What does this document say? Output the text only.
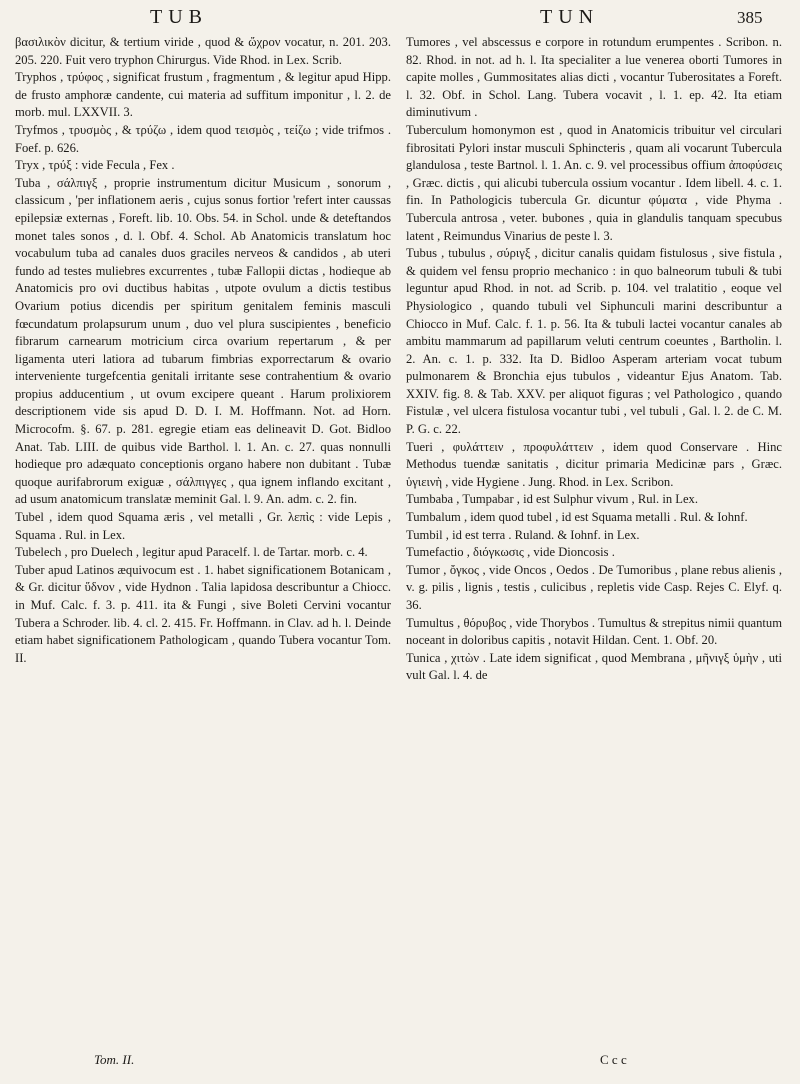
TUB	TUN	385

βασιλικὸν dicitur, & tertium viride , quod & ὤχρον vocatur, n. 201. 203. 205. 220. Fuit vero tryphon Chirurgus. Vide Rhod. in Lex. Scrib.

Tryphos , τρύφος , significat frustum , fragmentum , & legitur apud Hipp. de frusto amphoræ candente, cui materia ad suffitum imponitur , l. 2. de morb. mul. LXXVII. 3.

Tryfmos , τρυσμὸς , & τρύζω , idem quod τεισμὸς , τείζω ; vide trifmos . Foef. p. 626.

Tryx , τρύξ : vide Fecula , Fex .

Tuba , σάλπιγξ , proprie instrumentum dicitur Musicum , sonorum , classicum , 'per inflationem aeris , cujus sonus fortior 'refert inter caussas epilepsiæ externas , Foreft. lib. 10. Obs. 54. in Schol. unde & deteftandos monet tales sonos , d. l. Obf. 4. Schol. Ab Anatomicis translatum hoc vocabulum tuba ad canales duos graciles nerveos & candidos , ab uteri fundo ad testes muliebres excurrentes , tubæ Fallopii dictas , hodieque ab Anatomicis pro ovi ductibus habitas , utpote ovulum a dictis testibus Ovarium potius dicendis per spiritum genitalem feminis masculi fœcundatum prolapsurum unum , duo vel plura suscipientes , beneficio fibrarum carnearum motricium circa ovarium repertarum , & per ligamenta uteri latiora ad tubarum fimbrias exporrectarum & ovario interveniente turgefcentia genitali irritante sese contrahentium & ovario propius adducentium , ut ovum excipere queant . Harum prolixiorem descriptionem vide sis apud D. D. I. M. Hoffmann. Not. ad Horn. Microcofm. §. 67. p. 281. egregie etiam eas delineavit D. Got. Bidloo Anat. Tab. LIII. de quibus vide Barthol. l. 1. An. c. 27. quas nonnulli hodieque pro adæquato conceptionis organo habere non dubitant . Tubæ quoque aurifabrorum exiguæ , σάλπιγγες , qua ignem inflando excitant , ad usum anatomicum translatæ meminit Gal. l. 9. An. adm. c. 2. fin.

Tubel , idem quod Squama æris , vel metalli , Gr. λεπὶς : vide Lepis , Squama . Rul. in Lex.

Tubelech , pro Duelech , legitur apud Paracelf. l. de Tartar. morb. c. 4.

Tuber apud Latinos æquivocum est . 1. habet significationem Botanicam , & Gr. dicitur ὕδνον , vide Hydnon . Talia lapidosa describuntur a Chiocc. in Muf. Calc. f. 3. p. 411. ita & Fungi , sive Boleti Cervini vocantur Tubera a Schroder. lib. 4. cl. 2. 415. Fr. Hoffmann. in Clav. ad h. l. Deinde etiam habet significationem Pathologicam , quando Tubera vocantur Tom. II.

Tumores , vel abscessus e corpore in rotundum erumpentes . Scribon. n. 82. Rhod. in not. ad h. l. Ita specialiter a lue venerea oborti Tumores in capite molles , Gummositates alias dicti , vocantur Tuberositates a Foreft. l. 32. Obf. in Schol. Lang. Tubera vocavit , l. 1. ep. 42. Ita etiam diminutivum .

Tuberculum homonymon est , quod in Anatomicis tribuitur vel circulari fibrositati Pylori instar musculi Sphincteris , quam ali vocarunt Tubercula glandulosa , teste Bartnol. l. 1. An. c. 9. vel processibus offium ἀποφύσεις , Græc. dictis , qui alicubi tubercula ossium vocantur . Idem libell. 4. c. 1. fin. In Pathologicis tubercula Gr. dicuntur φύματα , vide Phyma . Tubercula antrosa , veter. bubones , quia in glandulis tanquam specubus latent , Reimundus Vinarius de peste l. 3.

Tubus , tubulus , σύριγξ , dicitur canalis quidam fistulosus , sive fistula , & quidem vel fensu proprio mechanico : in quo balneorum tubuli & tubi leguntur apud Rhod. in not. ad Scrib. p. 104. vel tralatitio , eoque vel Physiologico , quando tubuli vel Siphunculi marini describuntur a Chiocco in Muf. Calc. f. 1. p. 56. Ita & tubuli lactei vocantur canales ab ambitu mammarum ad papillarum veluti centrum coeuntes , Bartholin. l. 2. An. c. 1. p. 332. Ita D. Bidloo Asperam arteriam vocat tubum pulmonarem & Bronchia ejus tubulos , videantur Ejus Anatom. Tab. XXIV. fig. 8. & Tab. XXV. per aliquot figuras ; vel Pathologico , quando Fistulæ , vel ulcera fistulosa vocantur tubi , vel tubuli , Gal. l. 2. de C. M. P. G. c. 22.

Tueri , φυλάττειν , προφυλάττειν , idem quod Conservare . Hinc Methodus tuendæ sanitatis , dicitur primaria Medicinæ pars , Græc. ὑγιεινὴ , vide Hygiene . Jung. Rhod. in Lex. Scribon.

Tumbaba , Tumpabar , id est Sulphur vivum , Rul. in Lex.

Tumbalum , idem quod tubel , id est Squama metalli . Rul. & Iohnf.

Tumbil , id est terra . Ruland. & Iohnf. in Lex.

Tumefactio , διόγκωσις , vide Dioncosis .

Tumor , ὄγκος , vide Oncos , Oedos . De Tumoribus , plane rebus alienis , v. g. pilis , lignis , testis , culicibus , repletis vide Casp. Rejes C. Elyf. q. 36.

Tumultus , θόρυβος , vide Thorybos . Tumultus & strepitus nimii quantum noceant in doloribus capitis , notavit Hildan. Cent. 1. Obf. 20.

Tunica , χιτὼν . Late idem significat , quod Membrana , μῆνιγξ ὑμὴν , uti vult Gal. l. 4. de

Tom. II.	C c c
